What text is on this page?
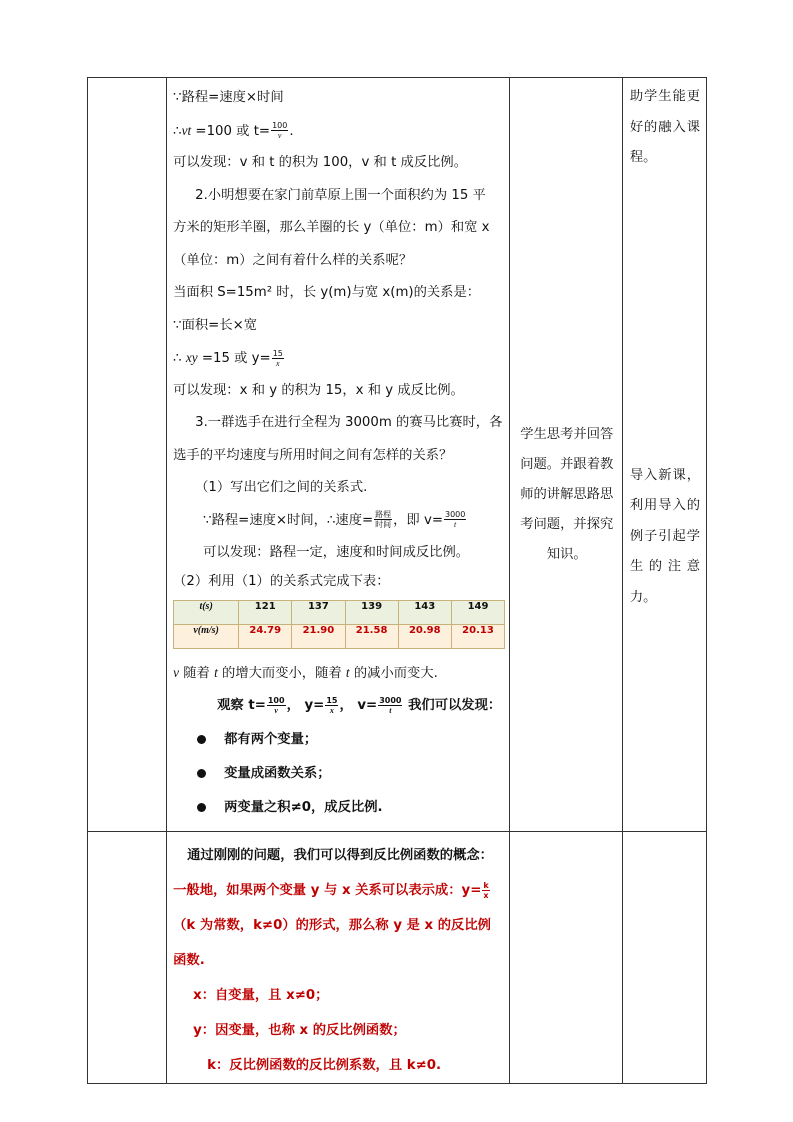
∵路程=速度×时间
∴vt =100 或 $t= \frac{100}{v}$ .
可以发现：v 和 t 的积为 100，v 和 t 成反比例。
2.小明想要在家门前草原上围一个面积约为 15 平
方米的矩形羊圈，那么羊圈的长 y（单位：m）和宽 x
（单位：m）之间有着什么样的关系呢？
当面积 S=15m² 时，长 y(m)与宽 x(m)的关系是：
∵面积=长×宽
∴ xy =15 或 $y= \frac{15}{x}$
可以发现：x 和 y 的积为 15，x 和 y 成反比例。
3.一群选手在进行全程为 3000m 的赛马比赛时，各
选手的平均速度与所用时间之间有怎样的关系？
（1）写出它们之间的关系式.
∵路程=速度×时间，∴速度= $\frac{\text{路程}}{\text{时间}}$ ，即 $v= \frac{3000}{t}$
可以发现：路程一定，速度和时间成反比例。
（2）利用（1）的关系式完成下表：
t(s)	121	137	139	143	149
v(m/s)	24.79	21.90	21.58	20.98	20.13
v 随着 t 的增大而变小，随着 t 的减小而变大.
观察 $t= \frac{100}{v}$ ， $y= \frac{15}{x}$ ， $v= \frac{3000}{t}$ 我们可以发现：
都有两个变量；
变量成函数关系；
两变量之积≠0，成反比例.

学生思考并回答问题。并跟着教师的讲解思路思考问题，并探究知识。

助学生能更好的融入课程。
导入新课，利用导入的例子引起学生的注意力。

通过刚刚的问题，我们可以得到反比例函数的概念：
一般地，如果两个变量 y 与 x 关系可以表示成：$y= \frac{k}{x}$
（k 为常数，k≠0）的形式，那么称 y 是 x 的反比例
函数.
x：自变量，且 x≠0；
y：因变量，也称 x 的反比例函数；
k：反比例函数的反比例系数，且 k≠0.
